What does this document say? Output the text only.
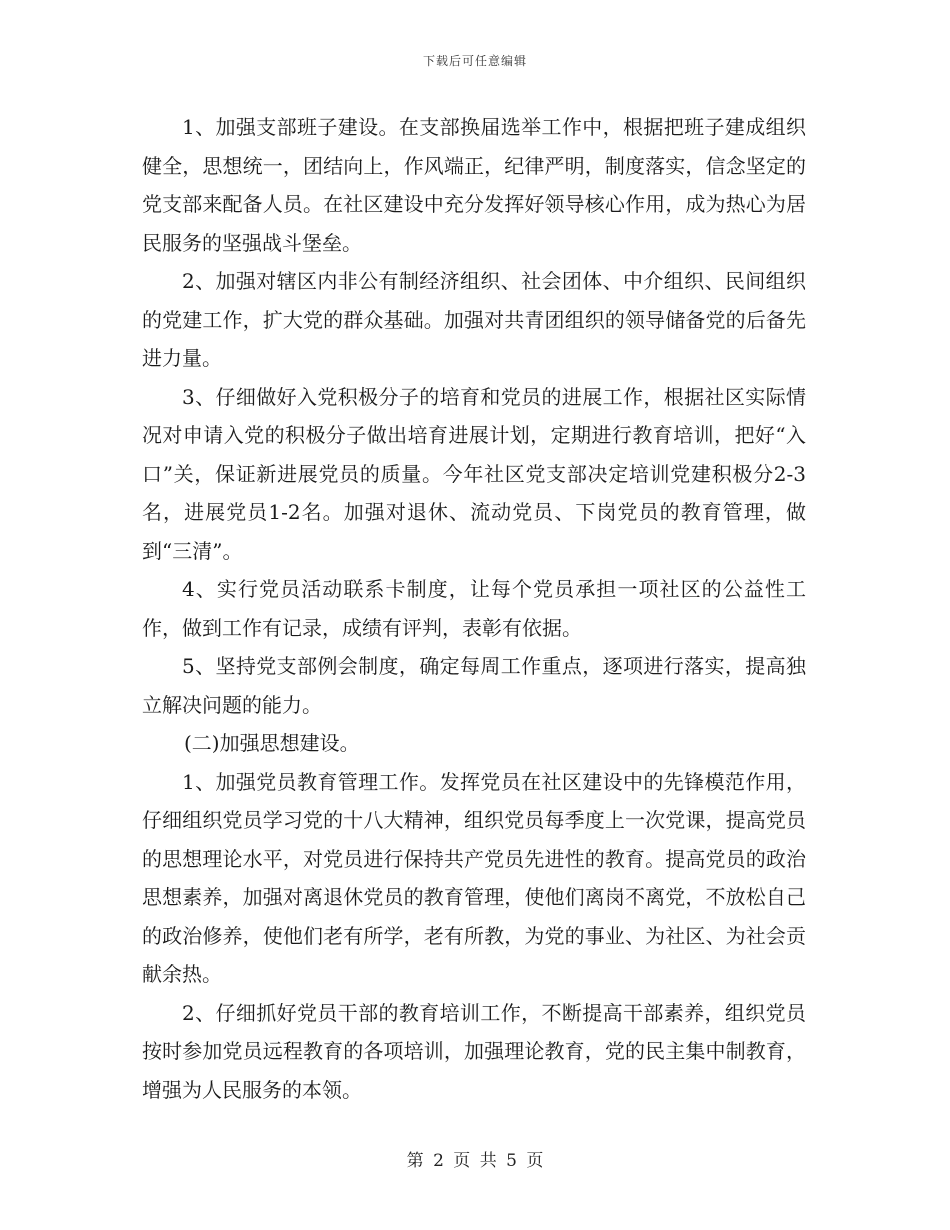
下载后可任意编辑

1、加强支部班子建设。在支部换届选举工作中，根据把班子建成组织健全，思想统一，团结向上，作风端正，纪律严明，制度落实，信念坚定的党支部来配备人员。在社区建设中充分发挥好领导核心作用，成为热心为居民服务的坚强战斗堡垒。

2、加强对辖区内非公有制经济组织、社会团体、中介组织、民间组织的党建工作，扩大党的群众基础。加强对共青团组织的领导储备党的后备先进力量。

3、仔细做好入党积极分子的培育和党员的进展工作，根据社区实际情况对申请入党的积极分子做出培育进展计划，定期进行教育培训，把好“入口”关，保证新进展党员的质量。今年社区党支部决定培训党建积极分2-3名，进展党员1-2名。加强对退休、流动党员、下岗党员的教育管理，做到“三清”。

4、实行党员活动联系卡制度，让每个党员承担一项社区的公益性工作，做到工作有记录，成绩有评判，表彰有依据。

5、坚持党支部例会制度，确定每周工作重点，逐项进行落实，提高独立解决问题的能力。

(二)加强思想建设。

1、加强党员教育管理工作。发挥党员在社区建设中的先锋模范作用，仔细组织党员学习党的十八大精神，组织党员每季度上一次党课，提高党员的思想理论水平，对党员进行保持共产党员先进性的教育。提高党员的政治思想素养，加强对离退休党员的教育管理，使他们离岗不离党，不放松自己的政治修养，使他们老有所学，老有所教，为党的事业、为社区、为社会贡献余热。

2、仔细抓好党员干部的教育培训工作，不断提高干部素养，组织党员按时参加党员远程教育的各项培训，加强理论教育，党的民主集中制教育，增强为人民服务的本领。

第 2 页 共 5 页
